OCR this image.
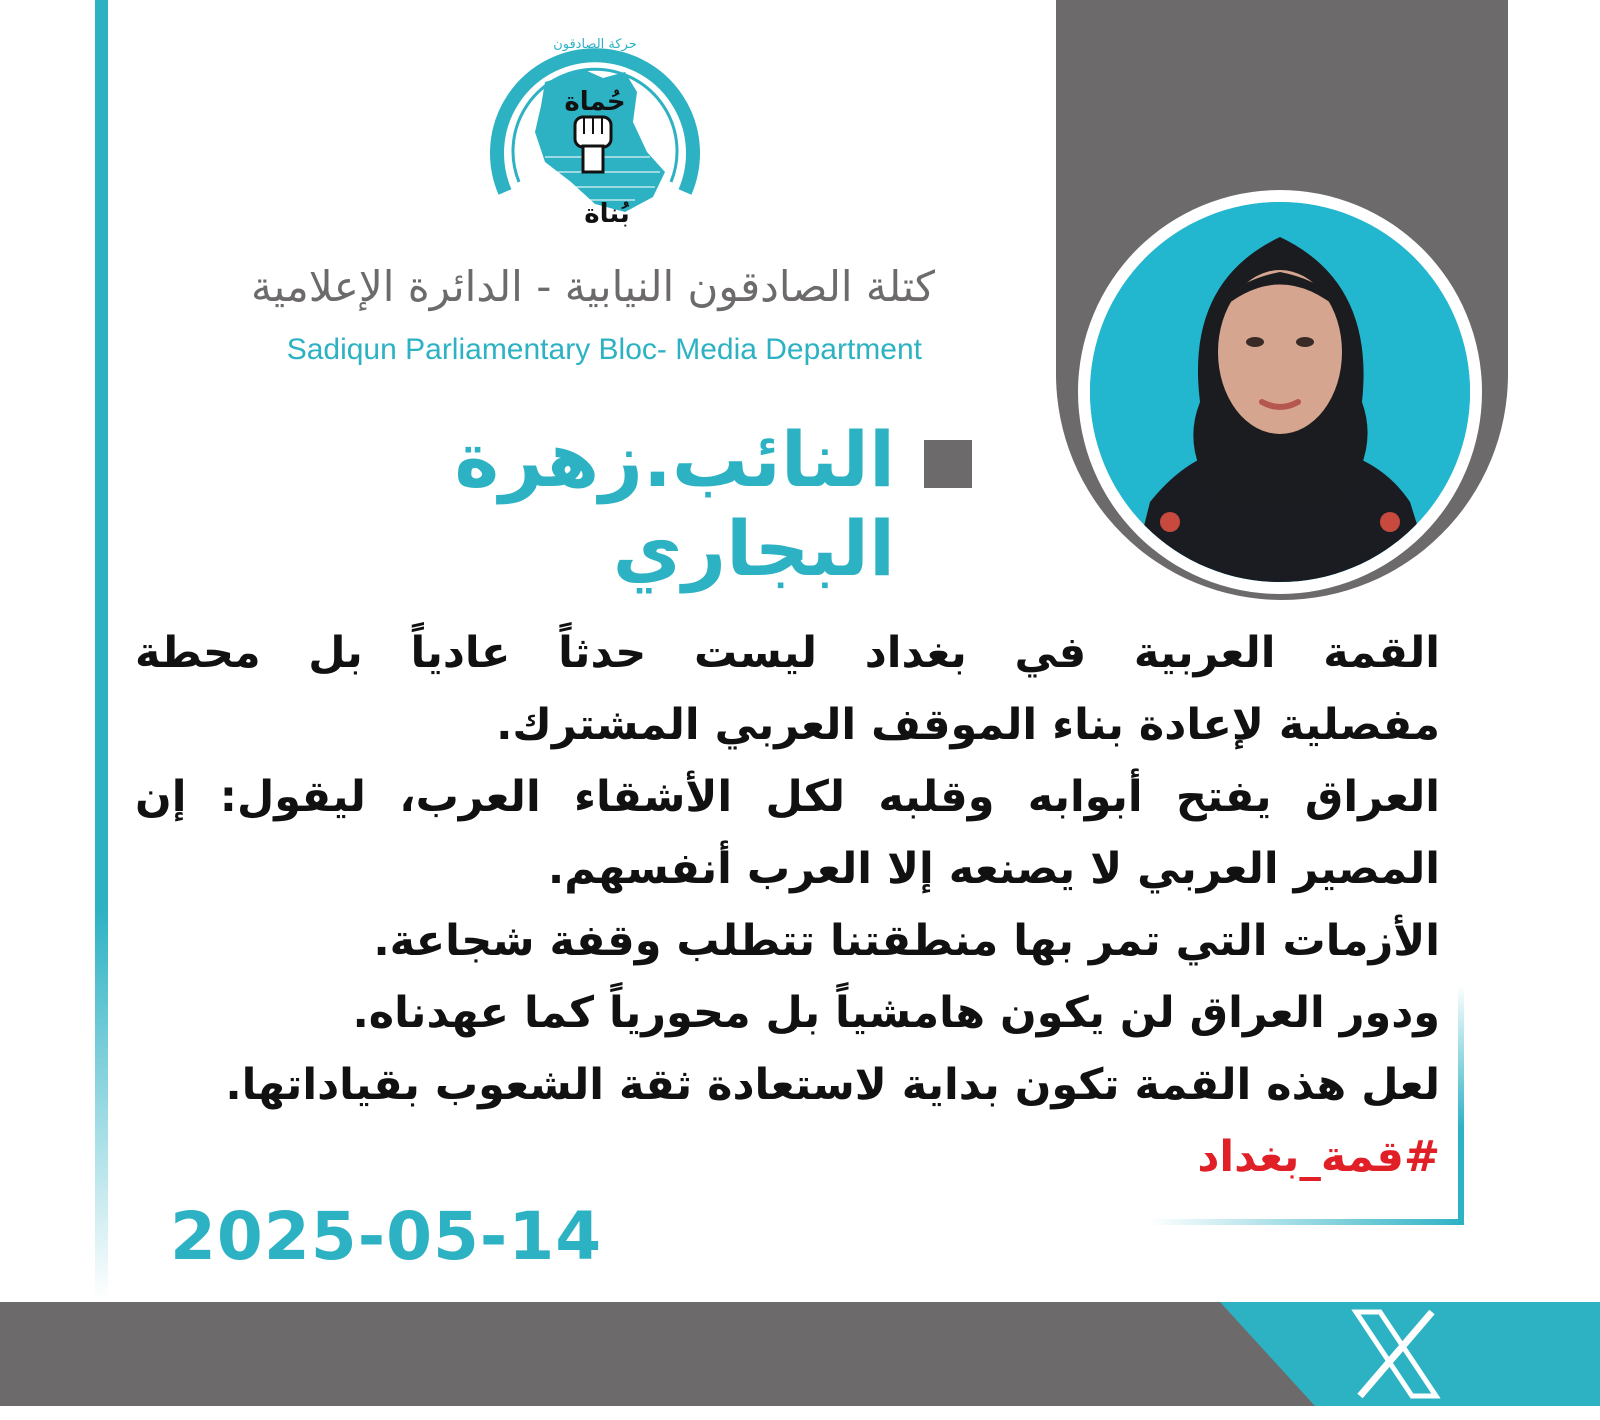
حُماة
بُناة
حركة الصادقون
كتلة الصادقون النيابية - الدائرة الإعلامية
Sadiqun Parliamentary Bloc- Media Department
النائب.زهرة البجاري
القمة العربية في بغداد ليست حدثاً عادياً بل محطة
مفصلية لإعادة بناء الموقف العربي المشترك.
العراق يفتح أبوابه وقلبه لكل الأشقاء العرب، ليقول: إن
المصير العربي لا يصنعه إلا العرب أنفسهم.
الأزمات التي تمر بها منطقتنا تتطلب وقفة شجاعة.
ودور العراق لن يكون هامشياً بل محورياً كما عهدناه.
لعل هذه القمة تكون بداية لاستعادة ثقة الشعوب بقياداتها.
#قمة_بغداد
2025-05-14
